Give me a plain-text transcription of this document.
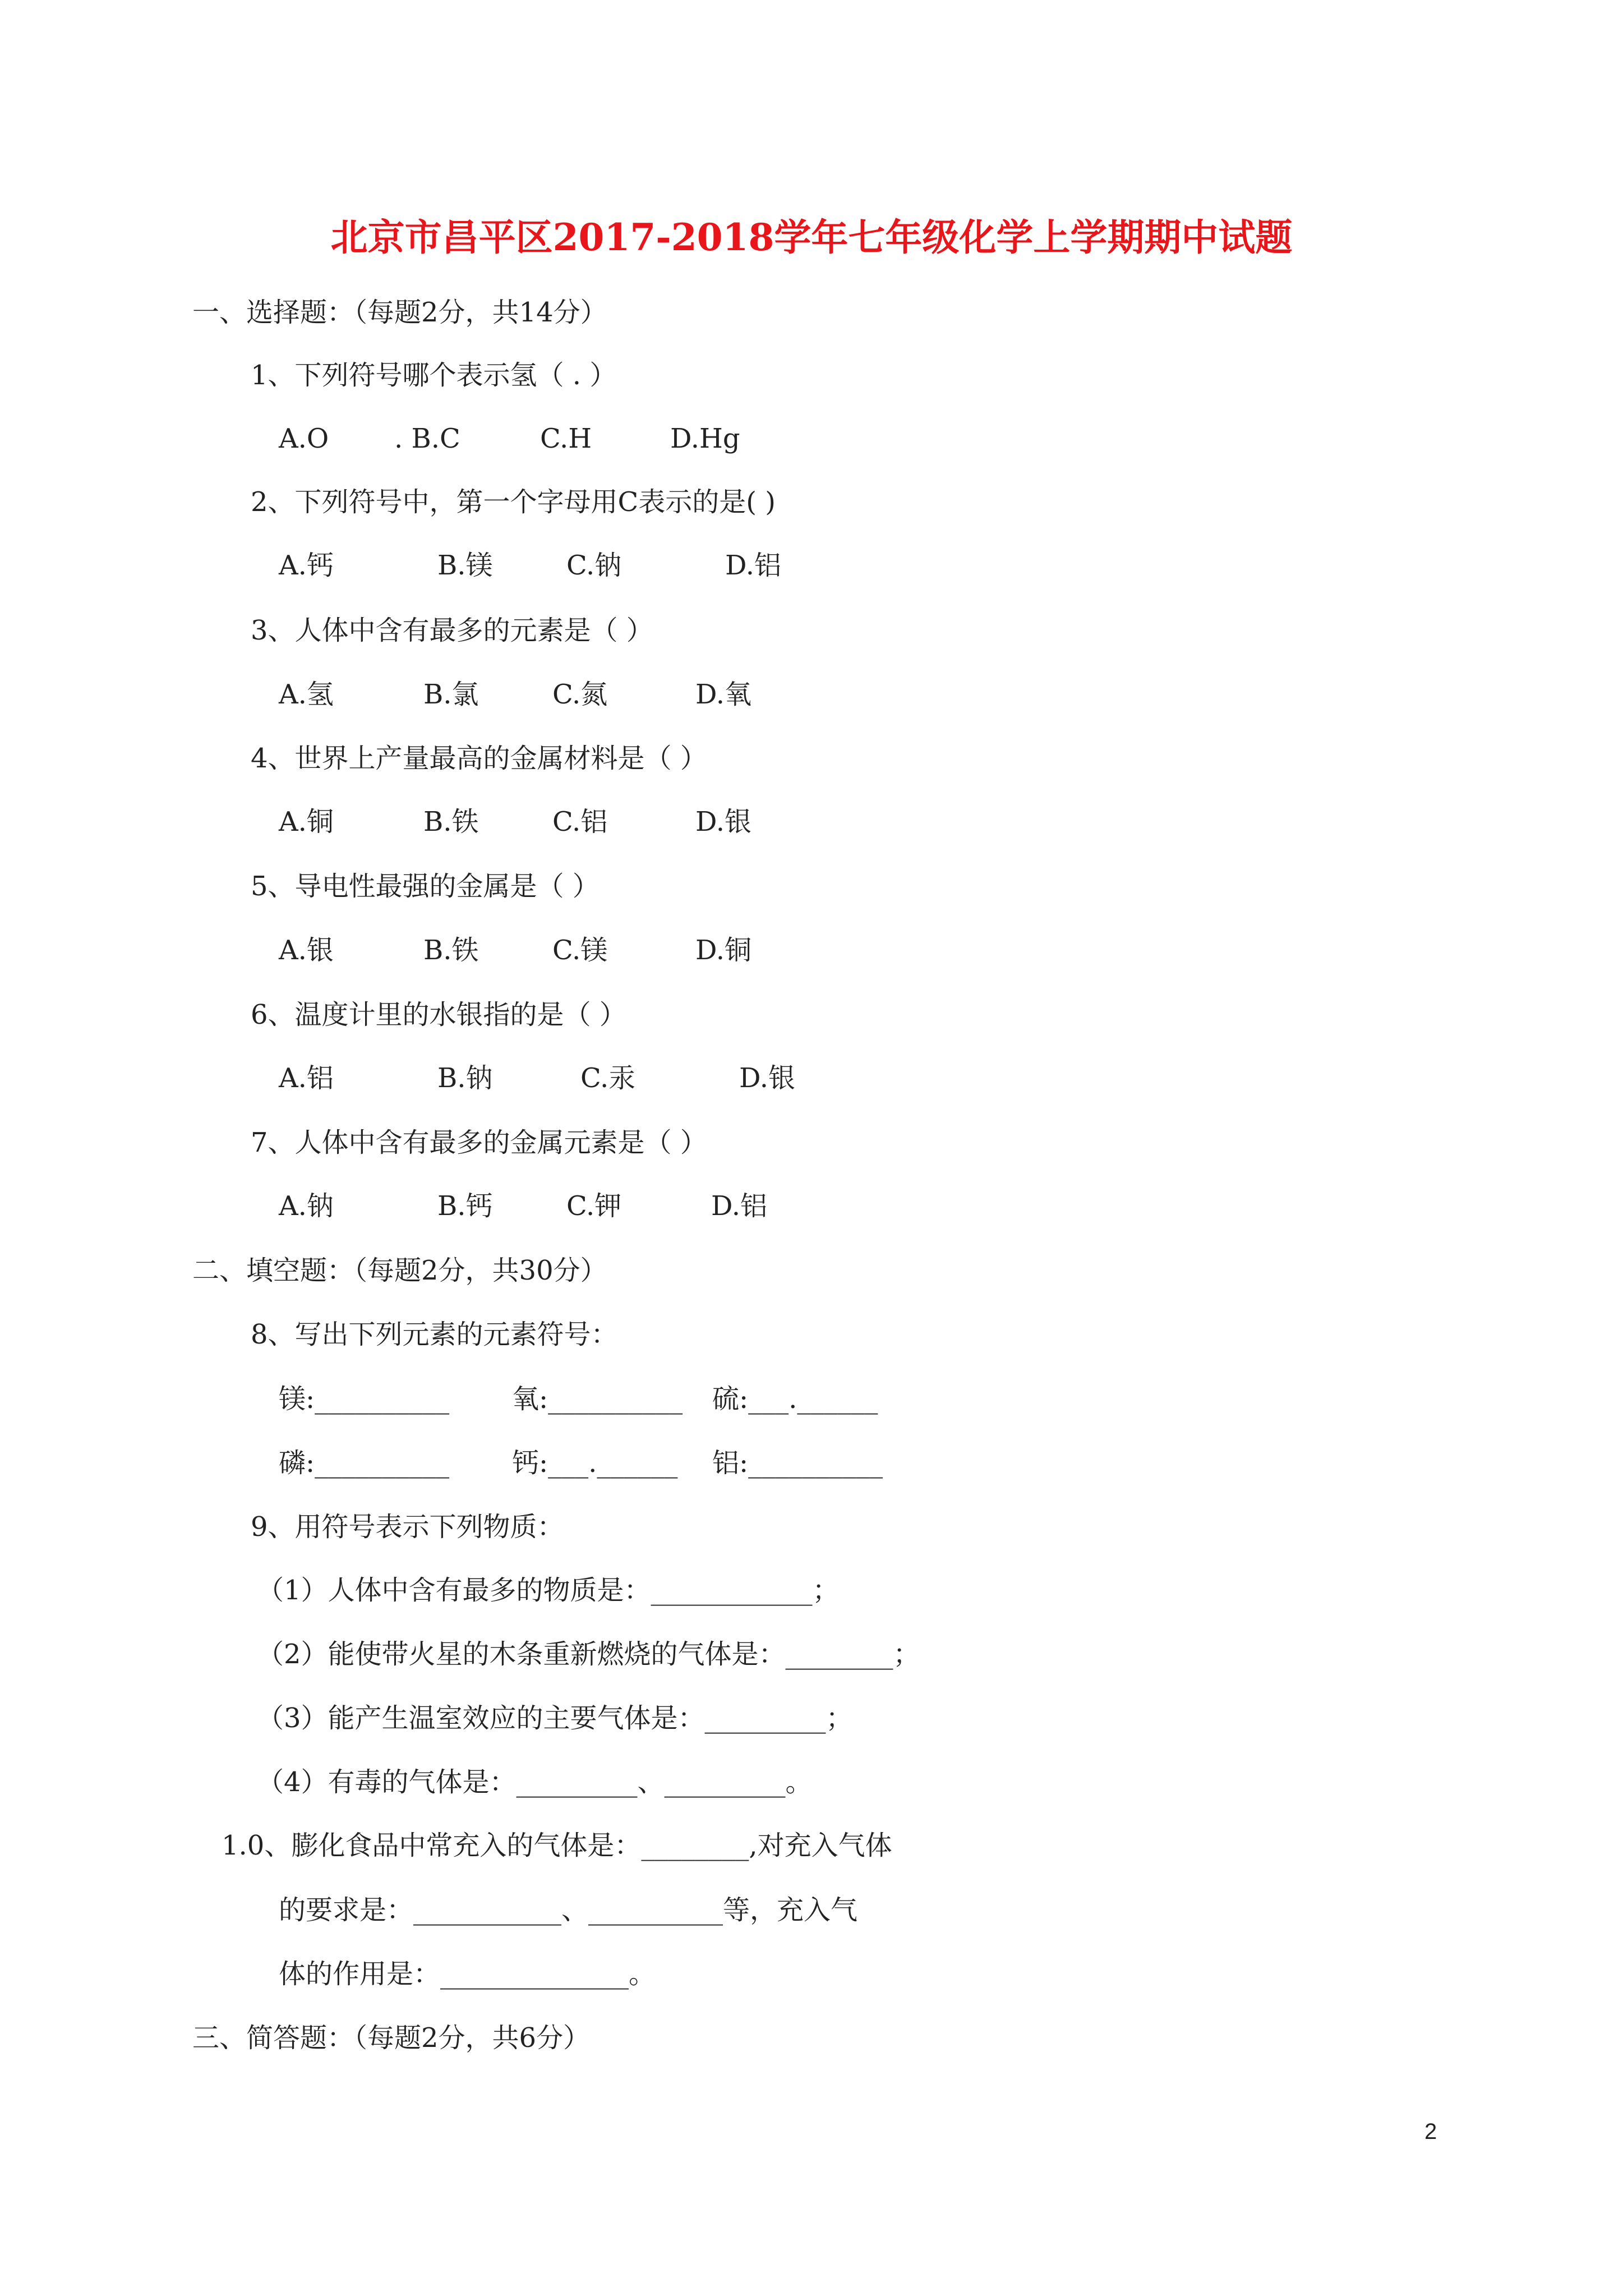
北京市昌平区2017-2018学年七年级化学上学期期中试题
一、选择题：（每题2分，共14分）
1、下列符号哪个表示氢（ . ）
A.O . B.C	C.H	D.Hg
2、下列符号中，第一个字母用C表示的是( )
A.钙	B.镁	C.钠	D.铝
3、人体中含有最多的元素是（ ）
A.氢	B.氯	C.氮	D.氧
4、世界上产量最高的金属材料是（ ）
A.铜	B.铁	C.铝	D.银
5、导电性最强的金属是（ ）
A.银	B.铁	C.镁	D.铜
6、温度计里的水银指的是（ ）
A.铝	B.钠	C.汞	D.银
7、人体中含有最多的金属元素是（ ）
A.钠	B.钙	C.钾	D.铝
二、填空题：（每题2分，共30分）
8、写出下列元素的元素符号：
镁:__________ 氧:__________ 硫:___.______
磷:__________ 钙:___.______ 铝:__________
9、用符号表示下列物质：
（1）人体中含有最多的物质是：____________；
（2）能使带火星的木条重新燃烧的气体是：________；
（3）能产生温室效应的主要气体是：_________；
（4）有毒的气体是：_________、_________。
1.0、膨化食品中常充入的气体是：________,对充入气体
的要求是：___________、__________等，充入气
体的作用是：______________。
三、简答题：（每题2分，共6分）
2
